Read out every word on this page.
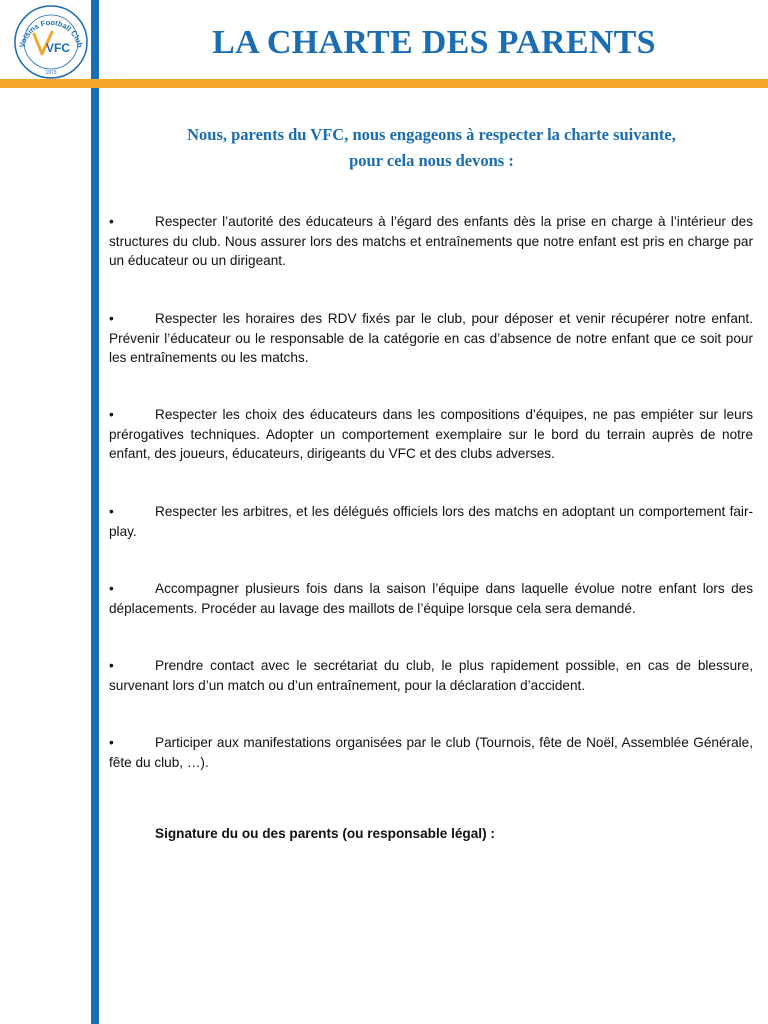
Voisins Football Club
VFC
1973
LA CHARTE DES PARENTS
Nous, parents du VFC, nous engageons à respecter la charte suivante,
pour cela nous devons :

•	Respecter l’autorité des éducateurs à l’égard des enfants dès la prise en charge à l’intérieur des structures du club. Nous assurer lors des matchs et entraînements que notre enfant est pris en charge par un éducateur ou un dirigeant.

•	Respecter les horaires des RDV fixés par le club, pour déposer et venir récupérer notre enfant. Prévenir l’éducateur ou le responsable de la catégorie en cas d’absence de notre enfant que ce soit pour les entraînements ou les matchs.

•	Respecter les choix des éducateurs dans les compositions d’équipes, ne pas empiéter sur leurs prérogatives techniques. Adopter un comportement exemplaire sur le bord du terrain auprès de notre enfant, des joueurs, éducateurs, dirigeants du VFC et des clubs adverses.

•	Respecter les arbitres, et les délégués officiels lors des matchs en adoptant un comportement fair-play.

•	Accompagner plusieurs fois dans la saison l’équipe dans laquelle évolue notre enfant lors des déplacements. Procéder au lavage des maillots de l’équipe lorsque cela sera demandé.

•	Prendre contact avec le secrétariat du club, le plus rapidement possible, en cas de blessure, survenant lors d’un match ou d’un entraînement, pour la déclaration d’accident.

•	Participer aux manifestations organisées par le club (Tournois, fête de Noël, Assemblée Générale, fête du club, …).

Signature du ou des parents (ou responsable légal) :
